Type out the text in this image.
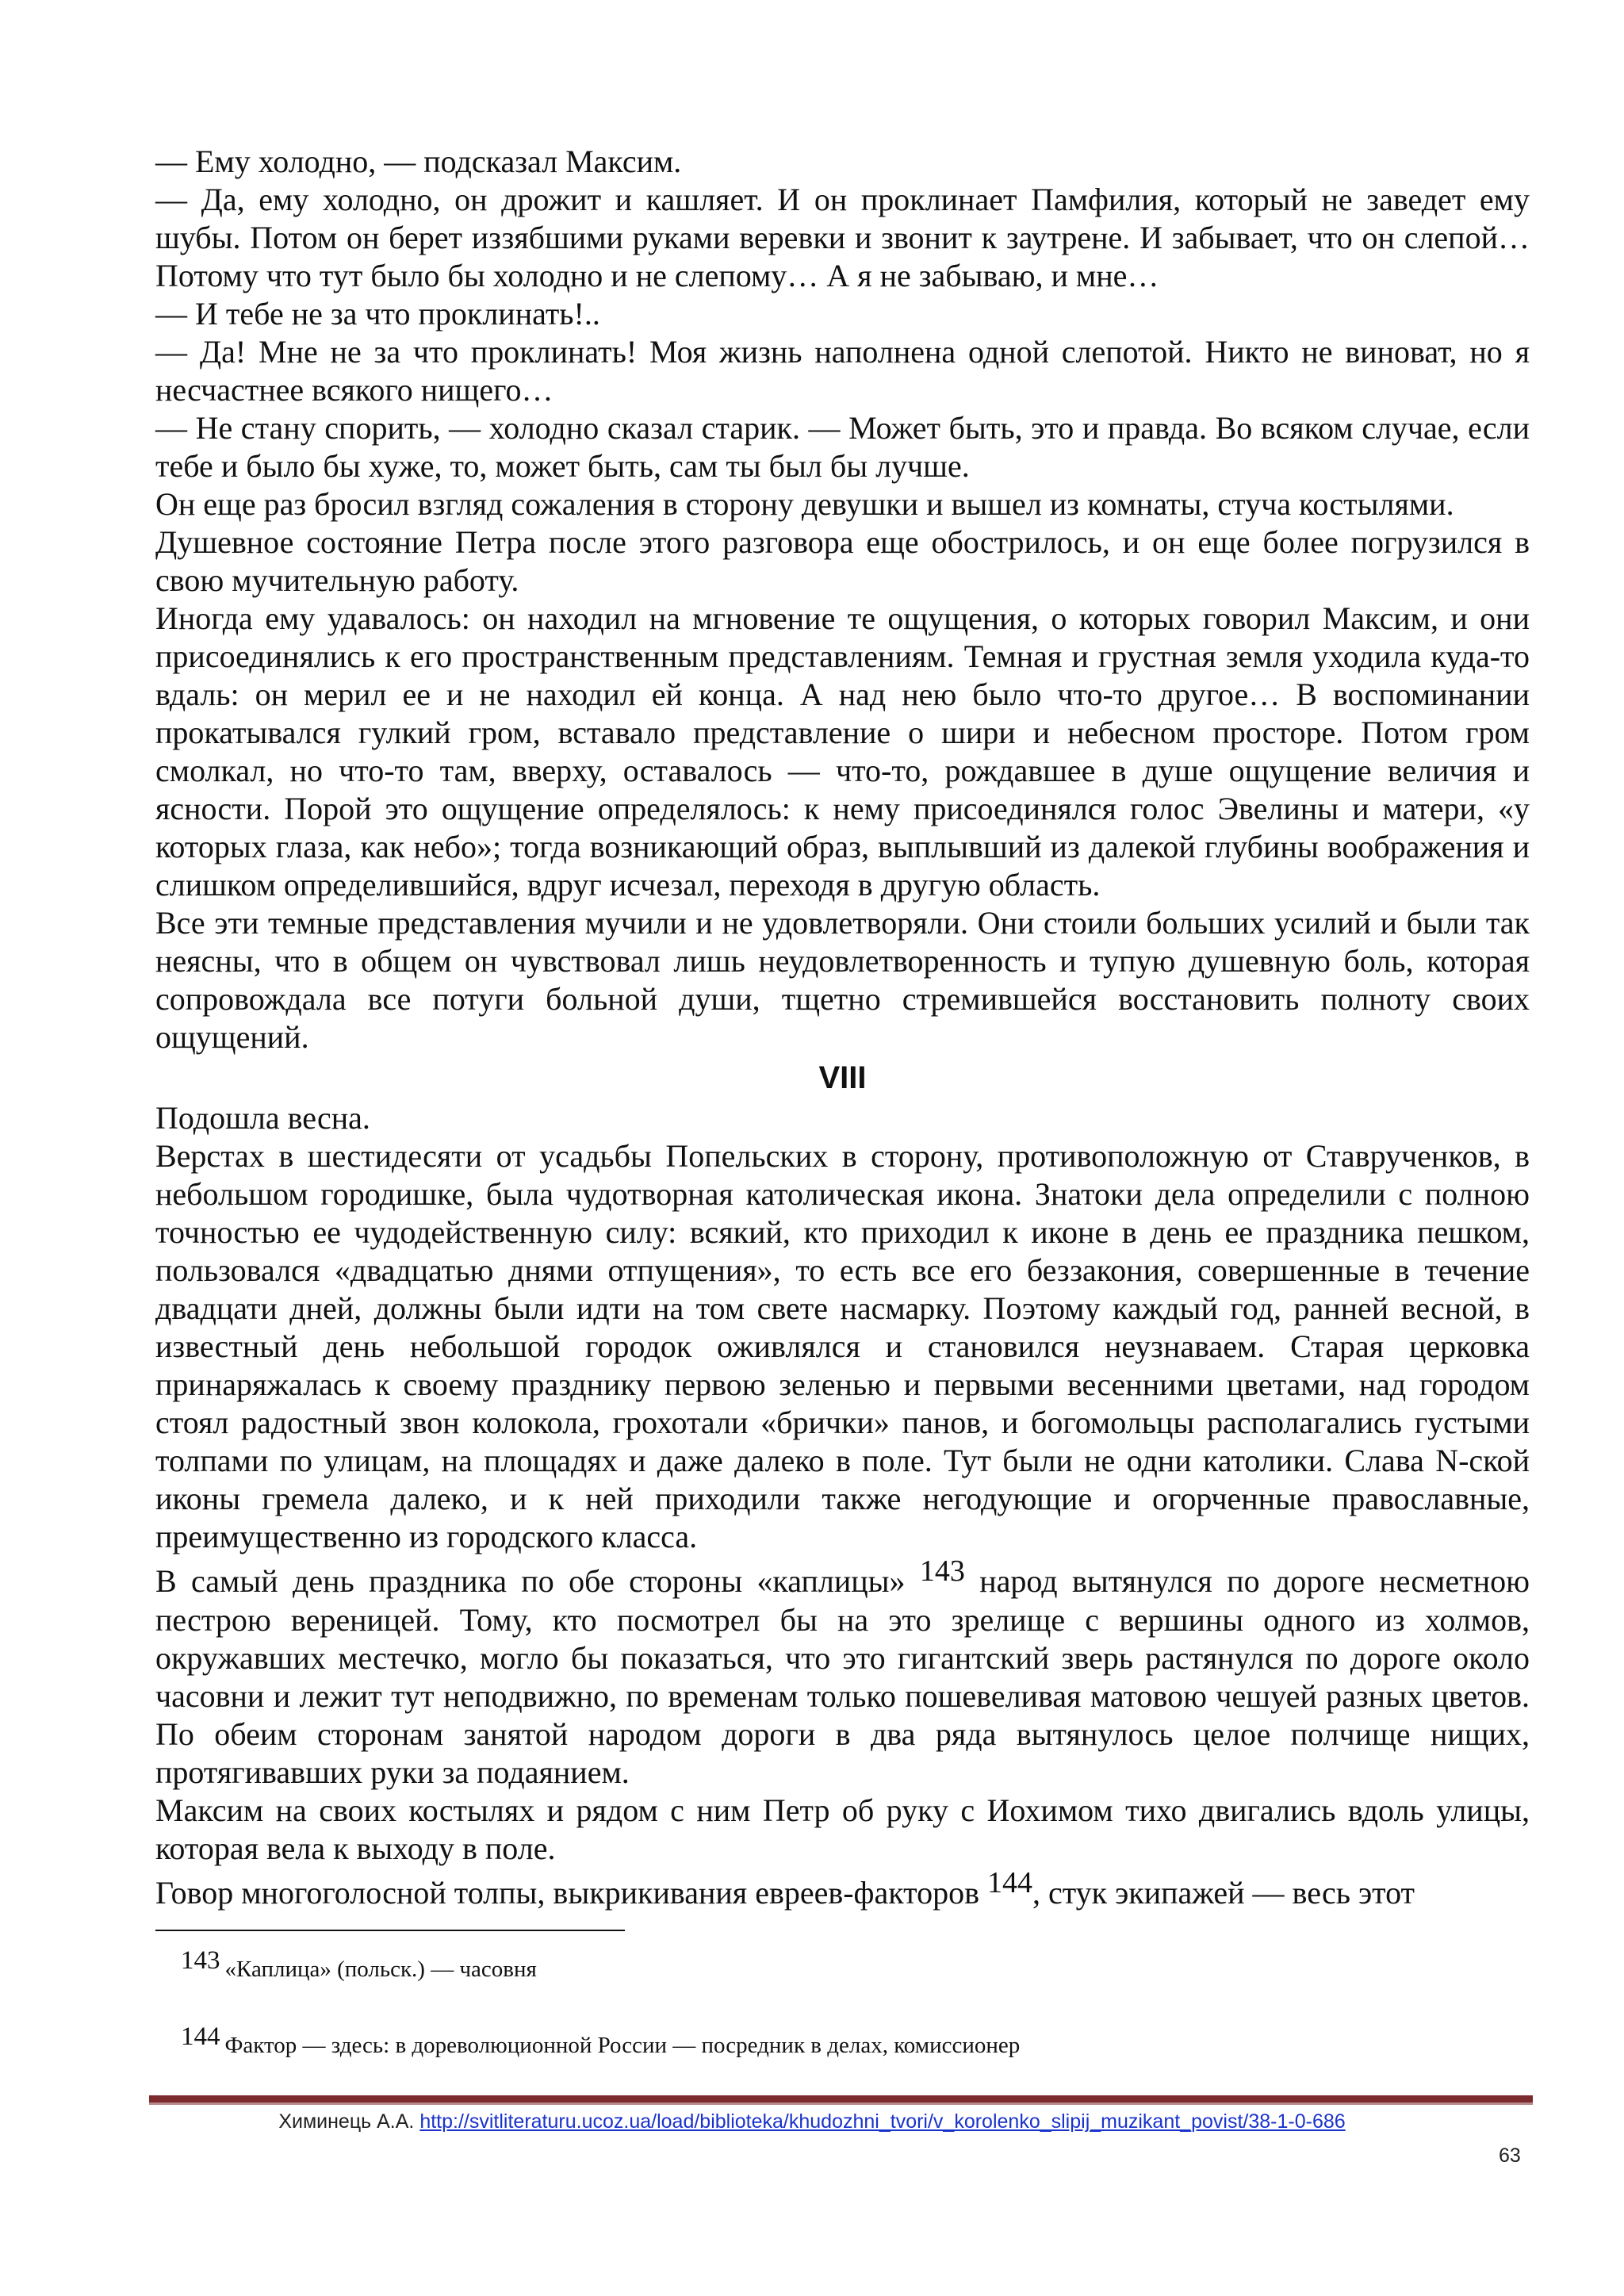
— Ему холодно, — подсказал Максим.

— Да, ему холодно, он дрожит и кашляет. И он проклинает Памфилия, который не заведет ему шубы. Потом он берет иззябшими руками веревки и звонит к заутрене. И забывает, что он слепой… Потому что тут было бы холодно и не слепому… А я не забываю, и мне…

— И тебе не за что проклинать!..

— Да! Мне не за что проклинать! Моя жизнь наполнена одной слепотой. Никто не виноват, но я несчастнее всякого нищего…

— Не стану спорить, — холодно сказал старик. — Может быть, это и правда. Во всяком случае, если тебе и было бы хуже, то, может быть, сам ты был бы лучше.

Он еще раз бросил взгляд сожаления в сторону девушки и вышел из комнаты, стуча костылями.

Душевное состояние Петра после этого разговора еще обострилось, и он еще более погрузился в свою мучительную работу.

Иногда ему удавалось: он находил на мгновение те ощущения, о которых говорил Максим, и они присоединялись к его пространственным представлениям. Темная и грустная земля уходила куда-то вдаль: он мерил ее и не находил ей конца. А над нею было что-то другое… В воспоминании прокатывался гулкий гром, вставало представление о шири и небесном просторе. Потом гром смолкал, но что-то там, вверху, оставалось — что-то, рождавшее в душе ощущение величия и ясности. Порой это ощущение определялось: к нему присоединялся голос Эвелины и матери, «у которых глаза, как небо»; тогда возникающий образ, выплывший из далекой глубины воображения и слишком определившийся, вдруг исчезал, переходя в другую область.

Все эти темные представления мучили и не удовлетворяли. Они стоили больших усилий и были так неясны, что в общем он чувствовал лишь неудовлетворенность и тупую душевную боль, которая сопровождала все потуги больной души, тщетно стремившейся восстановить полноту своих ощущений.

VIII

Подошла весна.

Верстах в шестидесяти от усадьбы Попельских в сторону, противоположную от Ставрученков, в небольшом городишке, была чудотворная католическая икона. Знатоки дела определили с полною точностью ее чудодейственную силу: всякий, кто приходил к иконе в день ее праздника пешком, пользовался «двадцатью днями отпущения», то есть все его беззакония, совершенные в течение двадцати дней, должны были идти на том свете насмарку. Поэтому каждый год, ранней весной, в известный день небольшой городок оживлялся и становился неузнаваем. Старая церковка принаряжалась к своему празднику первою зеленью и первыми весенними цветами, над городом стоял радостный звон колокола, грохотали «брички» панов, и богомольцы располагались густыми толпами по улицам, на площадях и даже далеко в поле. Тут были не одни католики. Слава N-ской иконы гремела далеко, и к ней приходили также негодующие и огорченные православные, преимущественно из городского класса.

В самый день праздника по обе стороны «каплицы» 143 народ вытянулся по дороге несметною пестрою вереницей. Тому, кто посмотрел бы на это зрелище с вершины одного из холмов, окружавших местечко, могло бы показаться, что это гигантский зверь растянулся по дороге около часовни и лежит тут неподвижно, по временам только пошевеливая матовою чешуей разных цветов. По обеим сторонам занятой народом дороги в два ряда вытянулось целое полчище нищих, протягивавших руки за подаянием.

Максим на своих костылях и рядом с ним Петр об руку с Иохимом тихо двигались вдоль улицы, которая вела к выходу в поле.

Говор многоголосной толпы, выкрикивания евреев-факторов 144, стук экипажей — весь этот

143 «Каплица» (польск.) — часовня
144 Фактор — здесь: в дореволюционной России — посредник в делах, комиссионер
Химинець А.А. http://svitliteraturu.ucoz.ua/load/biblioteka/khudozhni_tvori/v_korolenko_slipij_muzikant_povist/38-1-0-686
63
